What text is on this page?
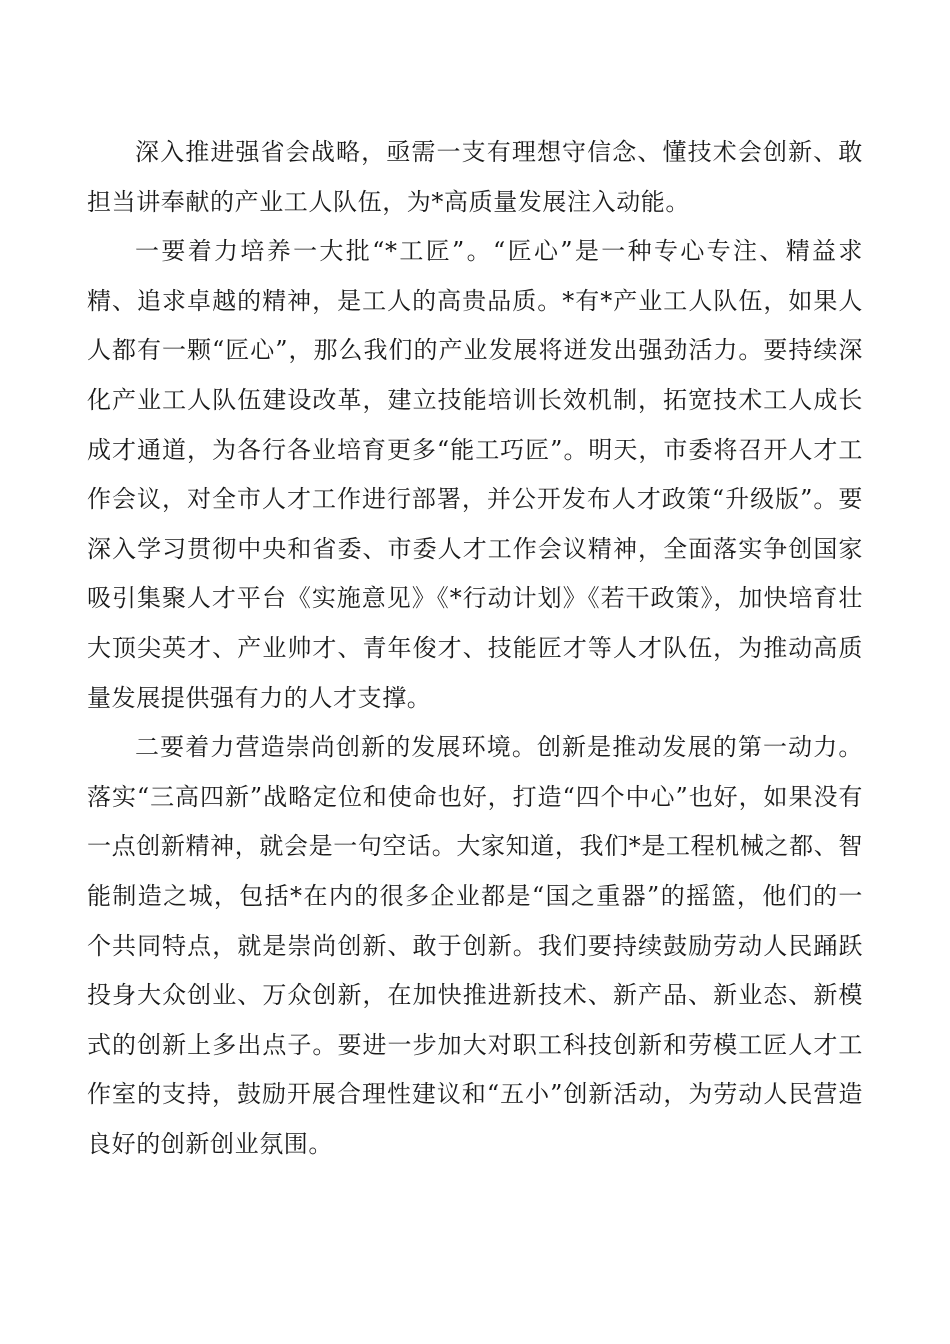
深入推进强省会战略，亟需一支有理想守信念、懂技术会创新、敢担当讲奉献的产业工人队伍，为*高质量发展注入动能。

一要着力培养一大批“*工匠”。“匠心”是一种专心专注、精益求精、追求卓越的精神，是工人的高贵品质。*有*产业工人队伍，如果人人都有一颗“匠心”，那么我们的产业发展将迸发出强劲活力。要持续深化产业工人队伍建设改革，建立技能培训长效机制，拓宽技术工人成长成才通道，为各行各业培育更多“能工巧匠”。明天，市委将召开人才工作会议，对全市人才工作进行部署，并公开发布人才政策“升级版”。要深入学习贯彻中央和省委、市委人才工作会议精神，全面落实争创国家吸引集聚人才平台《实施意见》《*行动计划》《若干政策》，加快培育壮大顶尖英才、产业帅才、青年俊才、技能匠才等人才队伍，为推动高质量发展提供强有力的人才支撑。

二要着力营造崇尚创新的发展环境。创新是推动发展的第一动力。落实“三高四新”战略定位和使命也好，打造“四个中心”也好，如果没有一点创新精神，就会是一句空话。大家知道，我们*是工程机械之都、智能制造之城，包括*在内的很多企业都是“国之重器”的摇篮，他们的一个共同特点，就是崇尚创新、敢于创新。我们要持续鼓励劳动人民踊跃投身大众创业、万众创新，在加快推进新技术、新产品、新业态、新模式的创新上多出点子。要进一步加大对职工科技创新和劳模工匠人才工作室的支持，鼓励开展合理性建议和“五小”创新活动，为劳动人民营造良好的创新创业氛围。
